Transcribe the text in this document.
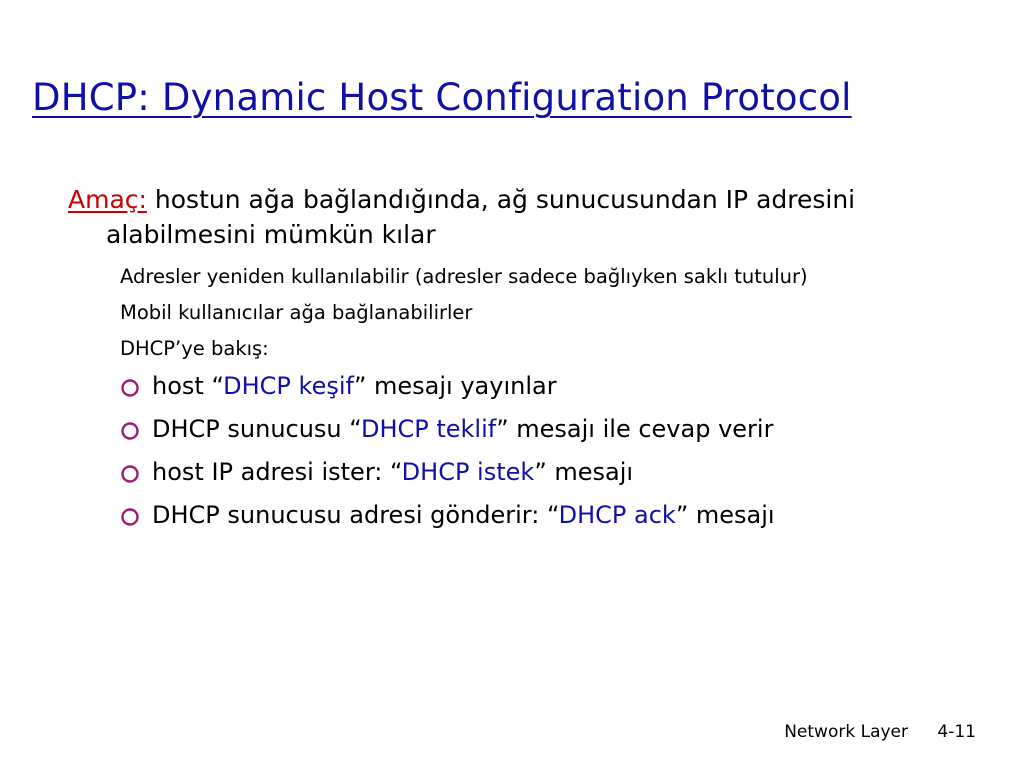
DHCP: Dynamic Host Configuration Protocol

Amaç: hostun ağa bağlandığında, ağ sunucusundan IP adresini alabilmesini mümkün kılar

Adresler yeniden kullanılabilir (adresler sadece bağlıyken saklı tutulur)

Mobil kullanıcılar ağa bağlanabilirler

DHCP’ye bakış:

host “DHCP keşif” mesajı yayınlar
DHCP sunucusu “DHCP teklif” mesajı ile cevap verir
host IP adresi ister: “DHCP istek” mesajı
DHCP sunucusu adresi gönderir: “DHCP ack” mesajı
Network Layer 4-11
